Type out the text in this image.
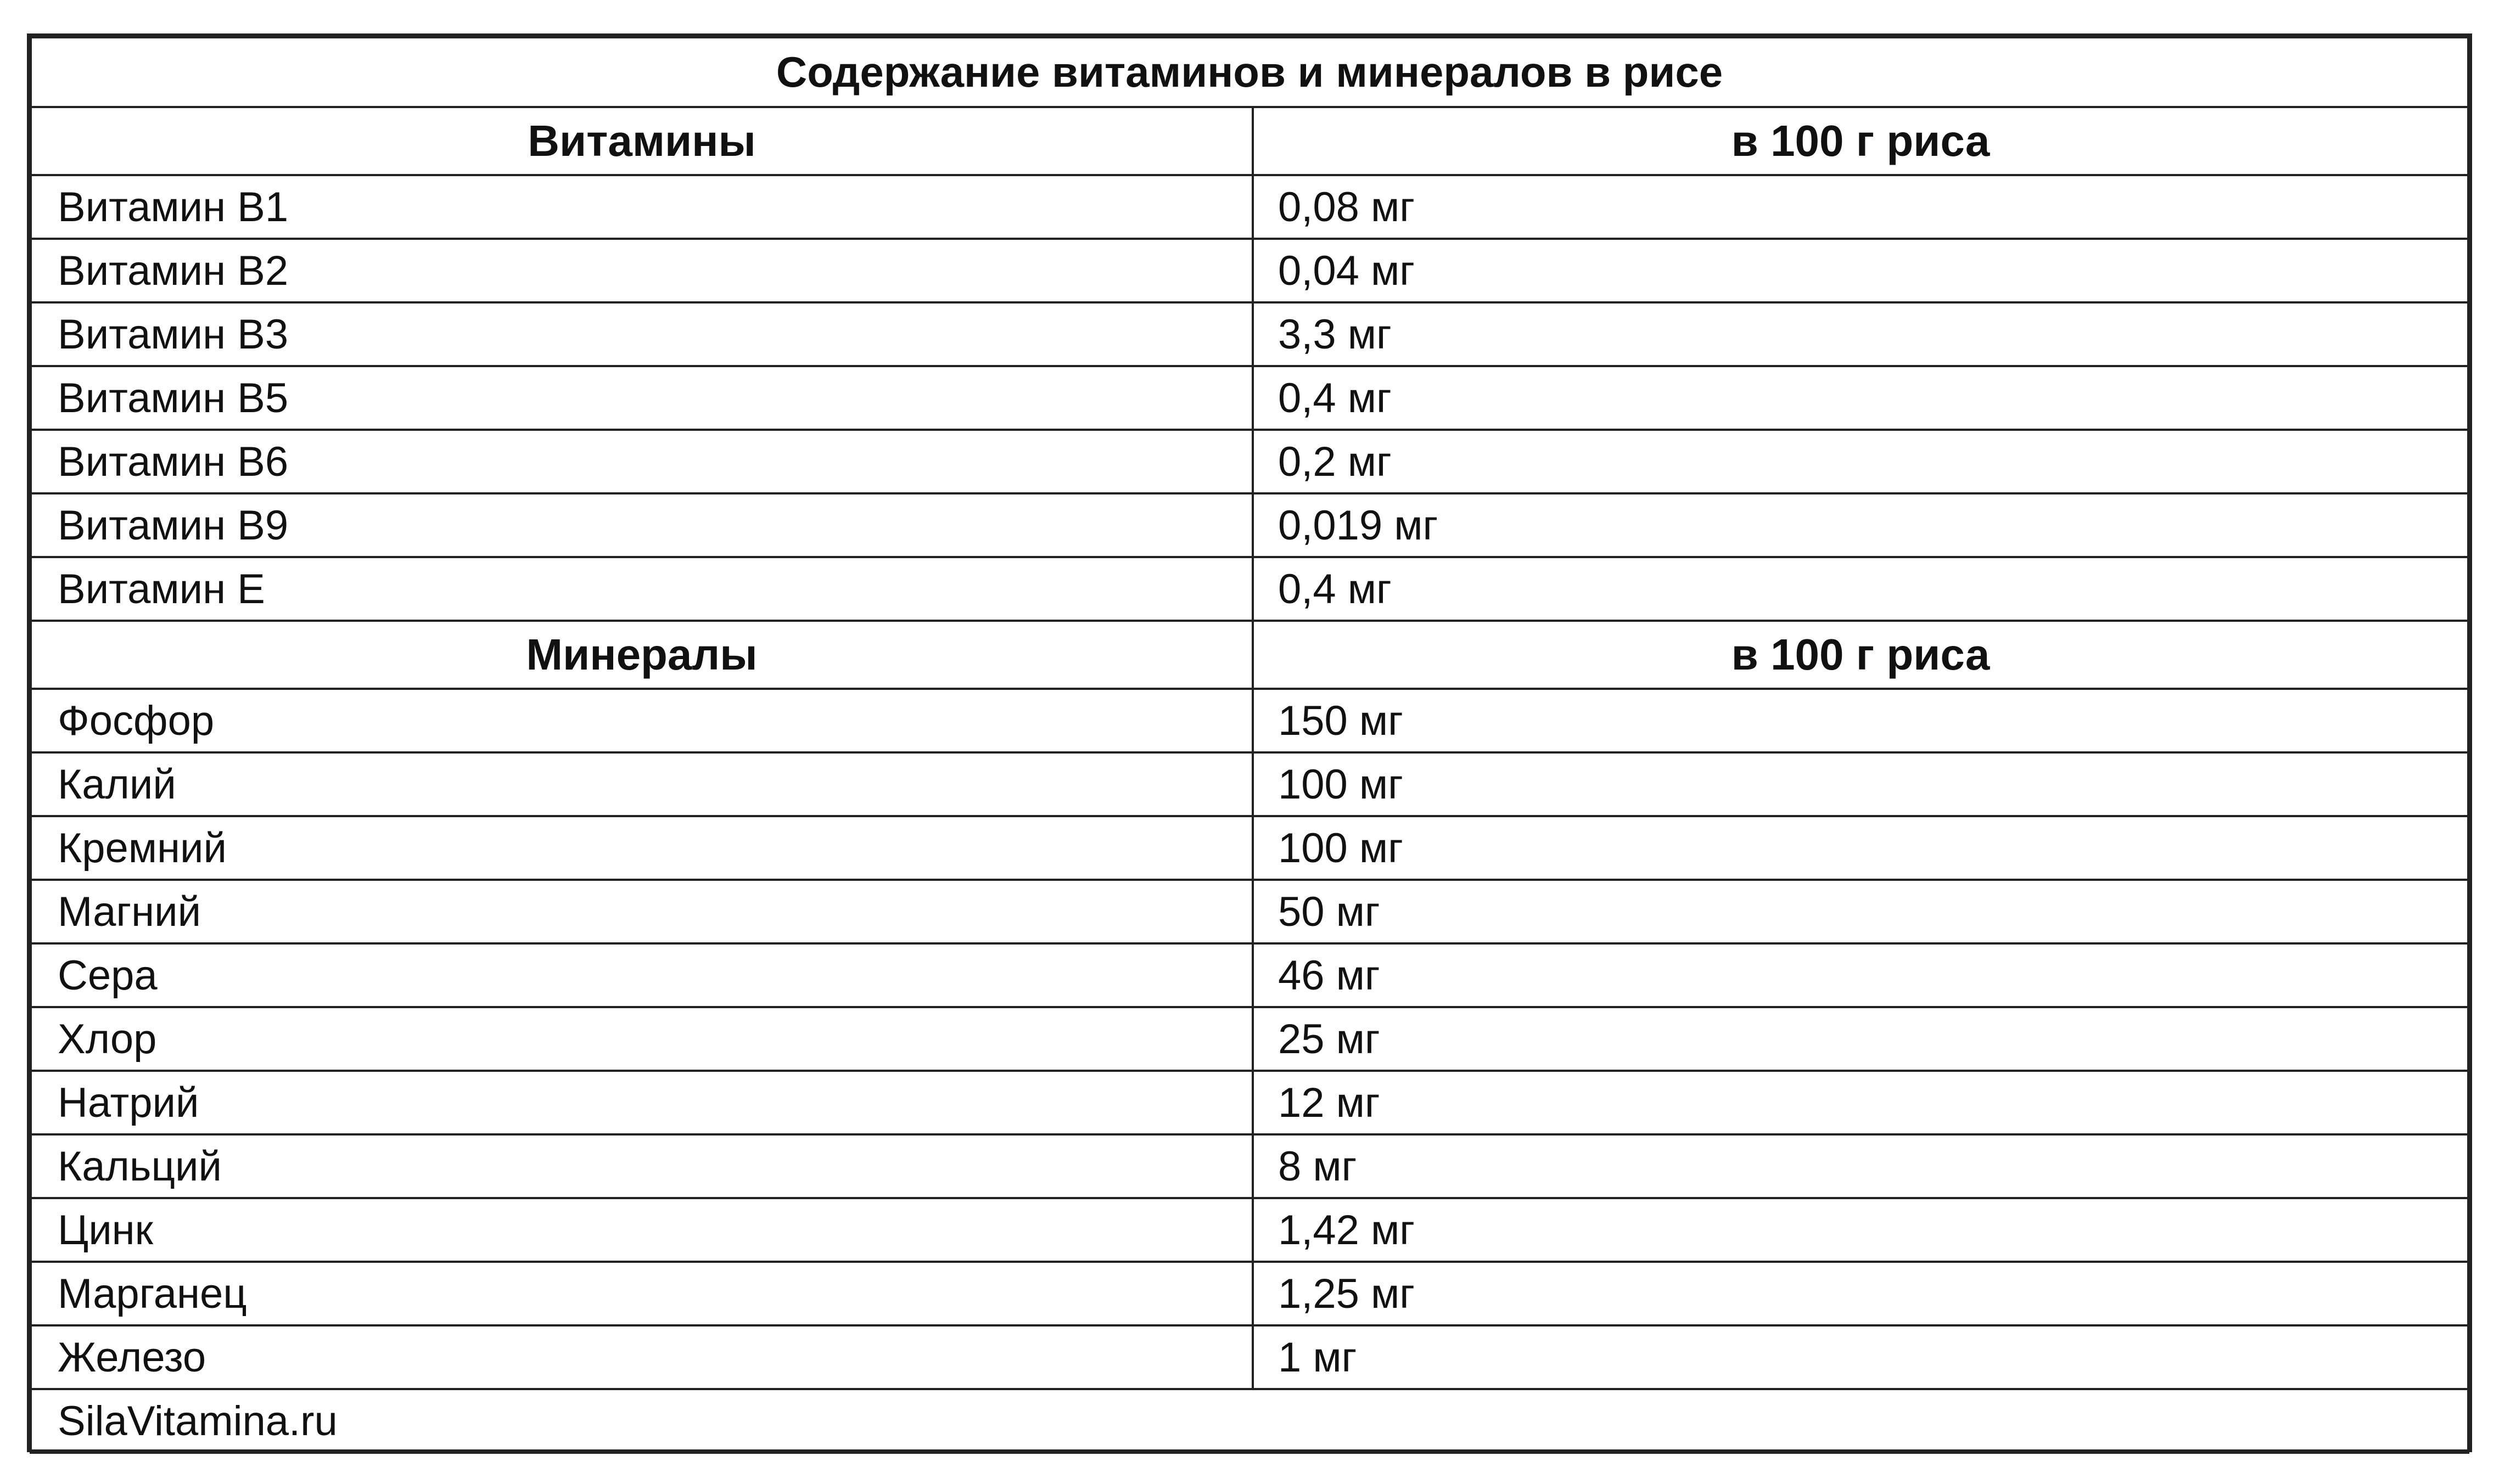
Содержание витаминов и минералов в рисе	
Витамины	в 100 г риса
Витамин В1	0,08 мг
Витамин В2	0,04 мг
Витамин В3	3,3 мг
Витамин В5	0,4 мг
Витамин В6	0,2 мг
Витамин В9	0,019 мг
Витамин Е	0,4 мг
Минералы	в 100 г риса
Фосфор	150 мг
Калий	100 мг
Кремний	100 мг
Магний	50 мг
Сера	46 мг
Хлор	25 мг
Натрий	12 мг
Кальций	8 мг
Цинк	1,42 мг
Марганец	1,25 мг
Железо	1 мг
SilaVitamina.ru	
